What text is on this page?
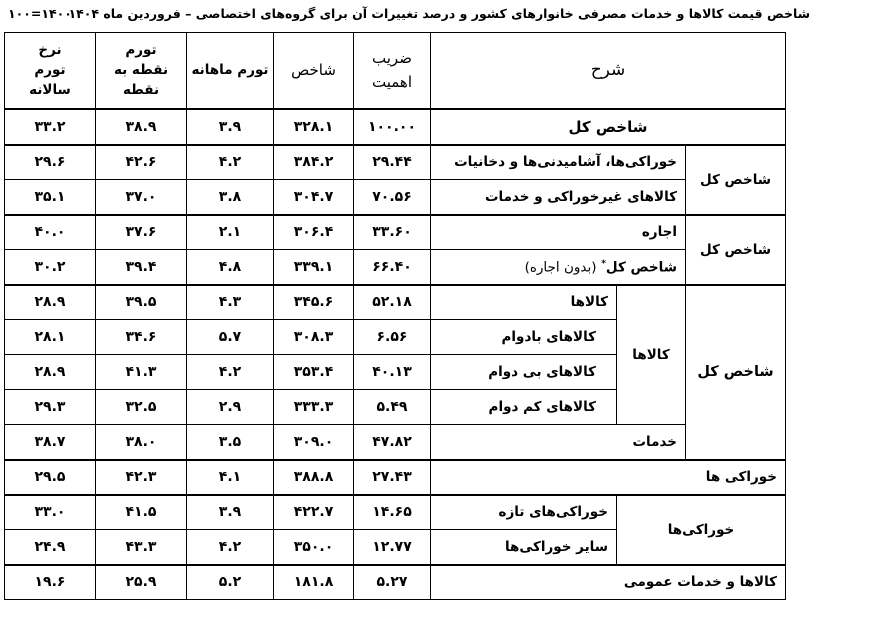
شاخص قیمت کالاها و خدمات مصرفی خانوارهای کشور و درصد تغییرات آن برای گروه‌های اختصاصی – فروردین ماه ۱۴۰۴
۱۰۰=۱۴۰۰
شرح			ضریب اهمیت	شاخص	تورم ماهانه	تورم نقطه به نقطه	نرخ تورم سالانه
شاخص کل			۱۰۰.۰۰	۳۲۸.۱	۳.۹	۳۸.۹	۳۳.۲
شاخص کل	خوراکی‌ها، آشامیدنی‌ها و دخانیات		۲۹.۴۴	۳۸۴.۲	۴.۲	۴۲.۶	۲۹.۶
	کالاهای غیرخوراکی و خدمات		۷۰.۵۶	۳۰۴.۷	۳.۸	۳۷.۰	۳۵.۱
شاخص کل	اجاره		۳۳.۶۰	۳۰۶.۴	۲.۱	۳۷.۶	۴۰.۰
	شاخص کل* (بدون اجاره)		۶۶.۴۰	۳۳۹.۱	۴.۸	۳۹.۴	۳۰.۲
شاخص کل	کالاها	کالاها	۵۲.۱۸	۳۴۵.۶	۴.۳	۳۹.۵	۲۸.۹
		کالاهای بادوام	۶.۵۶	۳۰۸.۳	۵.۷	۳۴.۶	۲۸.۱
		کالاهای بی دوام	۴۰.۱۳	۳۵۳.۴	۴.۲	۴۱.۳	۲۸.۹
		کالاهای کم دوام	۵.۴۹	۳۳۳.۳	۲.۹	۳۲.۵	۲۹.۳
	خدمات		۴۷.۸۲	۳۰۹.۰	۳.۵	۳۸.۰	۳۸.۷
خوراکی ها			۲۷.۴۳	۳۸۸.۸	۴.۱	۴۲.۳	۲۹.۵
خوراکی‌ها		خوراکی‌های تازه	۱۴.۶۵	۴۲۲.۷	۳.۹	۴۱.۵	۳۳.۰
		سایر خوراکی‌ها	۱۲.۷۷	۳۵۰.۰	۴.۲	۴۳.۳	۲۴.۹
کالاها و خدمات عمومی			۵.۲۷	۱۸۱.۸	۵.۲	۲۵.۹	۱۹.۶
